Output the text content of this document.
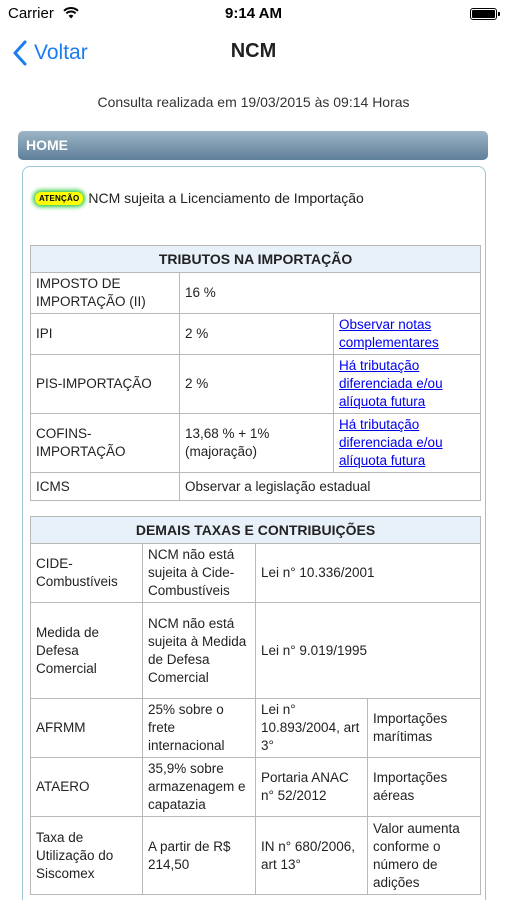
Carrier	9:14 AM
Voltar	NCM
Consulta realizada em 19/03/2015 às 09:14 Horas
HOME
ATENÇÃO NCM sujeita a Licenciamento de Importação
TRIBUTOS NA IMPORTAÇÃO		
IMPOSTO DE IMPORTAÇÃO (II)	16 %	
IPI	2 %	Observar notas complementares
PIS-IMPORTAÇÃO	2 %	Há tributação diferenciada e/ou alíquota futura
COFINS-IMPORTAÇÃO	13,68 % + 1% (majoração)	Há tributação diferenciada e/ou alíquota futura
ICMS	Observar a legislação estadual	
DEMAIS TAXAS E CONTRIBUIÇÕES			
CIDE-Combustíveis	NCM não está sujeita à Cide-Combustíveis	Lei n° 10.336/2001	
Medida de Defesa Comercial	NCM não está sujeita à Medida de Defesa Comercial	Lei n° 9.019/1995	
AFRMM	25% sobre o frete internacional	Lei n° 10.893/2004, art 3°	Importações marítimas
ATAERO	35,9% sobre armazenagem e capatazia	Portaria ANAC n° 52/2012	Importações aéreas
Taxa de Utilização do Siscomex	A partir de R$ 214,50	IN n° 680/2006, art 13°	Valor aumenta conforme o número de adições
